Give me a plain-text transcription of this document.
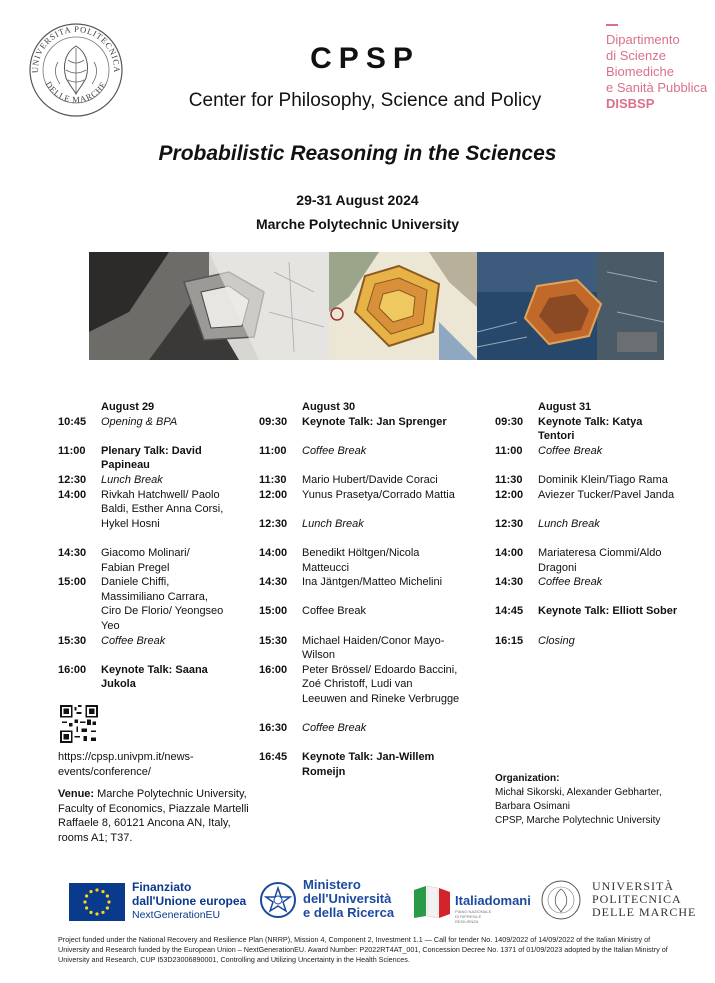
UNIVERSITA POLITECNICA
DELLE MARCHE
CPSP
Center for Philosophy, Science and Policy
Dipartimento
di Scienze
Biomediche
e Sanità Pubblica
DISBSP
Probabilistic Reasoning in the Sciences
29-31 August 2024
Marche Polytechnic University
August 29
10:45	Opening & BPA

11:00	Plenary Talk: David
Papineau
12:30	Lunch Break
14:00	Rivkah Hatchwell/ Paolo
Baldi, Esther Anna Corsi,
Hykel Hosni

14:30	Giacomo Molinari/
Fabian Pregel
15:00	Daniele Chiffi,
Massimiliano Carrara,
Ciro De Florio/ Yeongseo
Yeo
15:30	Coffee Break

16:00	Keynote Talk: Saana
Jukola
August 30
09:30	Keynote Talk: Jan Sprenger

11:00	Coffee Break

11:30	Mario Hubert/Davide Coraci
12:00	Yunus Prasetya/Corrado Mattia

12:30	Lunch Break

14:00	Benedikt Höltgen/Nicola
Matteucci
14:30	Ina Jäntgen/Matteo Michelini

15:00	Coffee Break

15:30	Michael Haiden/Conor Mayo-
Wilson
16:00	Peter Brössel/ Edoardo Baccini,
Zoé Christoff, Ludi van
Leeuwen and Rineke Verbrugge

16:30	Coffee Break

16:45	Keynote Talk: Jan-Willem
Romeijn
August 31
09:30	Keynote Talk: Katya
Tentori
11:00	Coffee Break

11:30	Dominik Klein/Tiago Rama
12:00	Aviezer Tucker/Pavel Janda

12:30	Lunch Break

14:00	Mariateresa Ciommi/Aldo
Dragoni
14:30	Coffee Break

14:45	Keynote Talk: Elliott Sober

16:15	Closing
https://cpsp.univpm.it/news-
events/conference/
Venue: Marche Polytechnic University,
Faculty of Economics, Piazzale Martelli
Raffaele 8, 60121 Ancona AN, Italy,
rooms A1; T37.
Organization:
Michał Sikorski, Alexander Gebharter,
Barbara Osimani
CPSP, Marche Polytechnic University
Finanziato
dall'Unione europea
NextGenerationEU
Ministero
dell'Università
e della Ricerca
Italiadomani
PIANO NAZIONALE DI RIPRESA E RESILIENZA
UNIVERSITÀ
POLITECNICA
DELLE MARCHE
Project funded under the National Recovery and Resilience Plan (NRRP), Mission 4, Component 2, Investment 1.1 — Call for tender No. 1409/2022 of 14/09/2022 of the Italian Ministry of University and Research funded by the European Union – NextGenerationEU. Award Number: P2022RT4AT_001, Concession Decree No. 1371 of 01/09/2023 adopted by the Italian Ministry of University and Research, CUP I53D23006890001, Controlling and Utilizing Uncertainty in the Health Sciences.
